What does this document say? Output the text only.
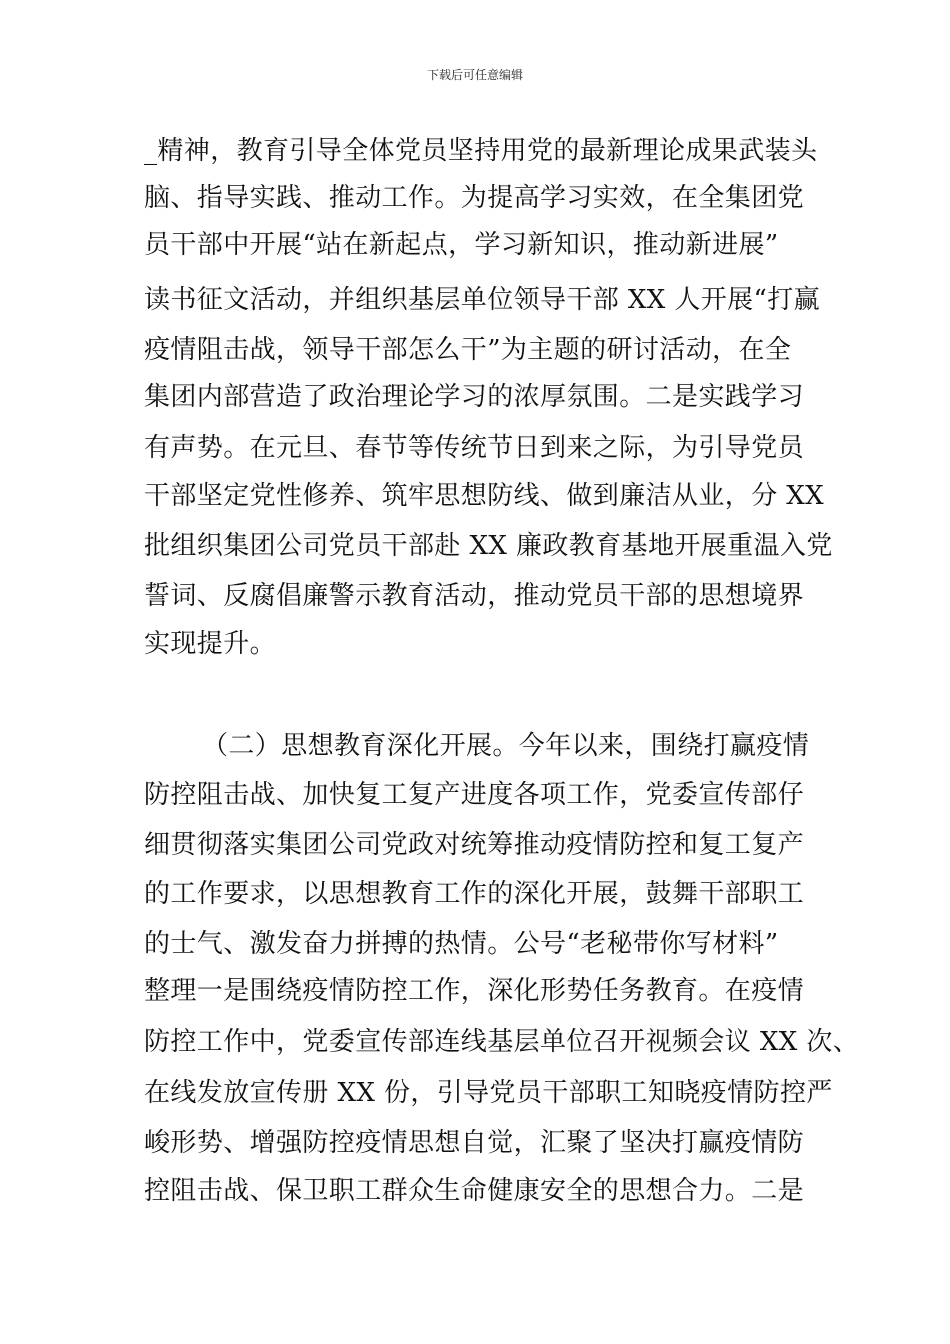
下载后可任意编辑
_精神，教育引导全体党员坚持用党的最新理论成果武装头
脑、指导实践、推动工作。为提高学习实效，在全集团党
员干部中开展“站在新起点，学习新知识，推动新进展”
读书征文活动，并组织基层单位领导干部 XX 人开展“打赢
疫情阻击战，领导干部怎么干”为主题的研讨活动，在全
集团内部营造了政治理论学习的浓厚氛围。二是实践学习
有声势。在元旦、春节等传统节日到来之际，为引导党员
干部坚定党性修养、筑牢思想防线、做到廉洁从业，分 XX
批组织集团公司党员干部赴 XX 廉政教育基地开展重温入党
誓词、反腐倡廉警示教育活动，推动党员干部的思想境界
实现提升。
（二）思想教育深化开展。今年以来，围绕打赢疫情
防控阻击战、加快复工复产进度各项工作，党委宣传部仔
细贯彻落实集团公司党政对统筹推动疫情防控和复工复产
的工作要求，以思想教育工作的深化开展，鼓舞干部职工
的士气、激发奋力拼搏的热情。公号“老秘带你写材料”
整理一是围绕疫情防控工作，深化形势任务教育。在疫情
防控工作中，党委宣传部连线基层单位召开视频会议 XX 次、
在线发放宣传册 XX 份，引导党员干部职工知晓疫情防控严
峻形势、增强防控疫情思想自觉，汇聚了坚决打赢疫情防
控阻击战、保卫职工群众生命健康安全的思想合力。二是
